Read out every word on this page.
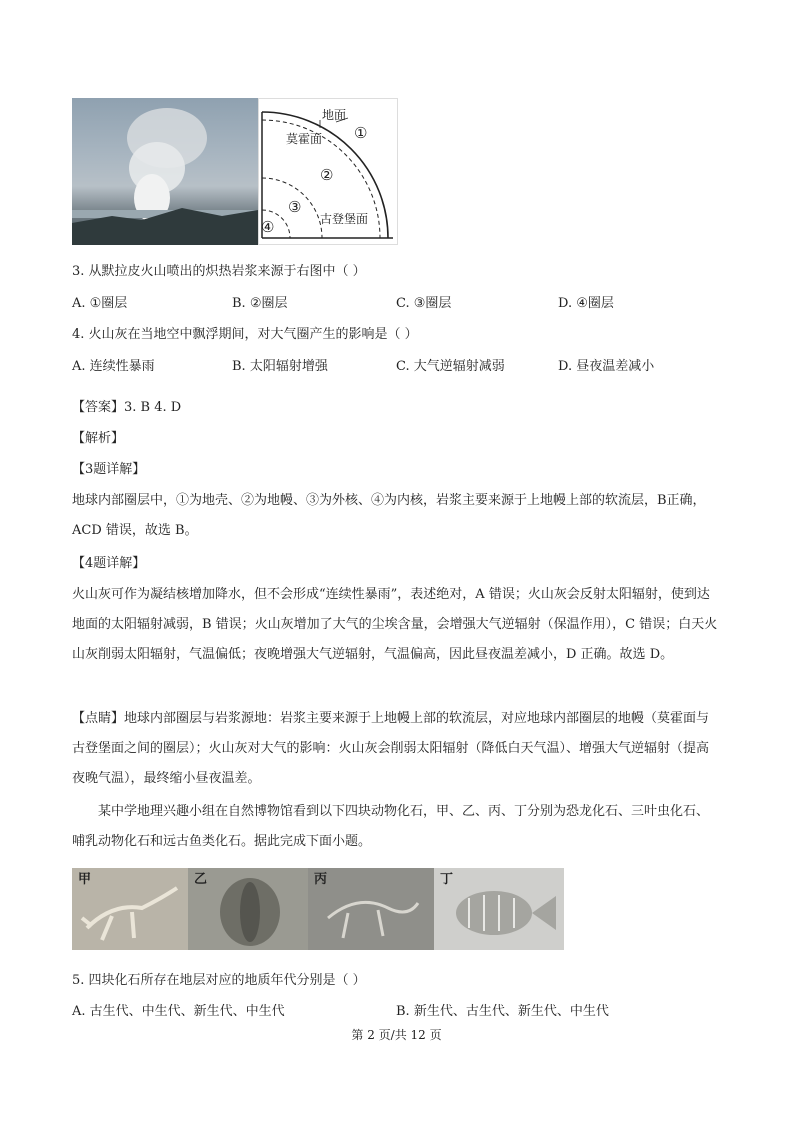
地面
莫霍面 ①
②
③
古登堡面
④
3. 从默拉皮火山喷出的炽热岩浆来源于右图中（ ）
A. ①圈层	B. ②圈层	C. ③圈层	D. ④圈层
4. 火山灰在当地空中飘浮期间，对大气圈产生的影响是（ ）
A. 连续性暴雨	B. 太阳辐射增强	C. 大气逆辐射减弱	D. 昼夜温差减小
【答案】3. B 4. D
【解析】
【3题详解】
地球内部圈层中，①为地壳、②为地幔、③为外核、④为内核，岩浆主要来源于上地幔上部的软流层，B正确，ACD 错误，故选 B。
【4题详解】
火山灰可作为凝结核增加降水，但不会形成“连续性暴雨”，表述绝对，A 错误；火山灰会反射太阳辐射，使到达地面的太阳辐射减弱，B 错误；火山灰增加了大气的尘埃含量，会增强大气逆辐射（保温作用），C 错误；白天火山灰削弱太阳辐射，气温偏低；夜晚增强大气逆辐射，气温偏高，因此昼夜温差减小，D 正确。故选 D。
【点睛】地球内部圈层与岩浆源地：岩浆主要来源于上地幔上部的软流层，对应地球内部圈层的地幔（莫霍面与古登堡面之间的圈层）；火山灰对大气的影响：火山灰会削弱太阳辐射（降低白天气温）、增强大气逆辐射（提高夜晚气温），最终缩小昼夜温差。
某中学地理兴趣小组在自然博物馆看到以下四块动物化石，甲、乙、丙、丁分别为恐龙化石、三叶虫化石、哺乳动物化石和远古鱼类化石。据此完成下面小题。
甲	乙	丙	丁
5. 四块化石所存在地层对应的地质年代分别是（ ）
A. 古生代、中生代、新生代、中生代	B. 新生代、古生代、新生代、中生代
第 2 页/共 12 页
